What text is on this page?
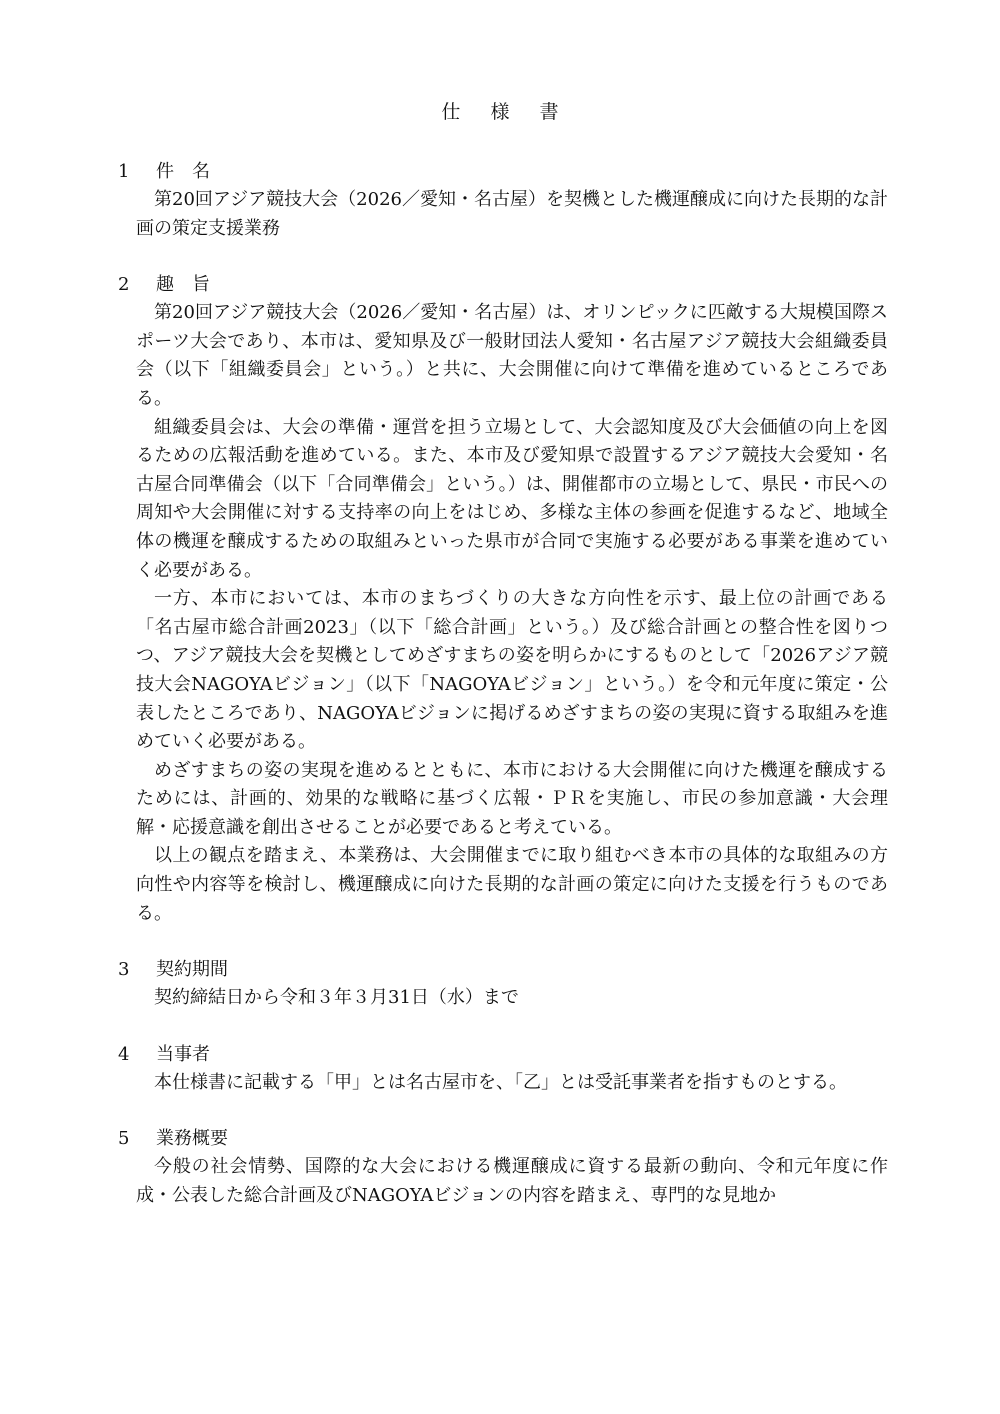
仕 様 書
1 件　名
第20回アジア競技大会（2026／愛知・名古屋）を契機とした機運醸成に向けた長期的な計画の策定支援業務
2 趣　旨
第20回アジア競技大会（2026／愛知・名古屋）は、オリンピックに匹敵する大規模国際スポーツ大会であり、本市は、愛知県及び一般財団法人愛知・名古屋アジア競技大会組織委員会（以下「組織委員会」という。）と共に、大会開催に向けて準備を進めているところである。
組織委員会は、大会の準備・運営を担う立場として、大会認知度及び大会価値の向上を図るための広報活動を進めている。また、本市及び愛知県で設置するアジア競技大会愛知・名古屋合同準備会（以下「合同準備会」という。）は、開催都市の立場として、県民・市民への周知や大会開催に対する支持率の向上をはじめ、多様な主体の参画を促進するなど、地域全体の機運を醸成するための取組みといった県市が合同で実施する必要がある事業を進めていく必要がある。
一方、本市においては、本市のまちづくりの大きな方向性を示す、最上位の計画である「名古屋市総合計画2023」（以下「総合計画」という。）及び総合計画との整合性を図りつつ、アジア競技大会を契機としてめざすまちの姿を明らかにするものとして「2026アジア競技大会NAGOYAビジョン」（以下「NAGOYAビジョン」という。）を令和元年度に策定・公表したところであり、NAGOYAビジョンに掲げるめざすまちの姿の実現に資する取組みを進めていく必要がある。
めざすまちの姿の実現を進めるとともに、本市における大会開催に向けた機運を醸成するためには、計画的、効果的な戦略に基づく広報・ＰＲを実施し、市民の参加意識・大会理解・応援意識を創出させることが必要であると考えている。
以上の観点を踏まえ、本業務は、大会開催までに取り組むべき本市の具体的な取組みの方向性や内容等を検討し、機運醸成に向けた長期的な計画の策定に向けた支援を行うものである。
3 契約期間
契約締結日から令和３年３月31日（水）まで
4 当事者
本仕様書に記載する「甲」とは名古屋市を、「乙」とは受託事業者を指すものとする。
5 業務概要
今般の社会情勢、国際的な大会における機運醸成に資する最新の動向、令和元年度に作成・公表した総合計画及びNAGOYAビジョンの内容を踏まえ、専門的な見地か
